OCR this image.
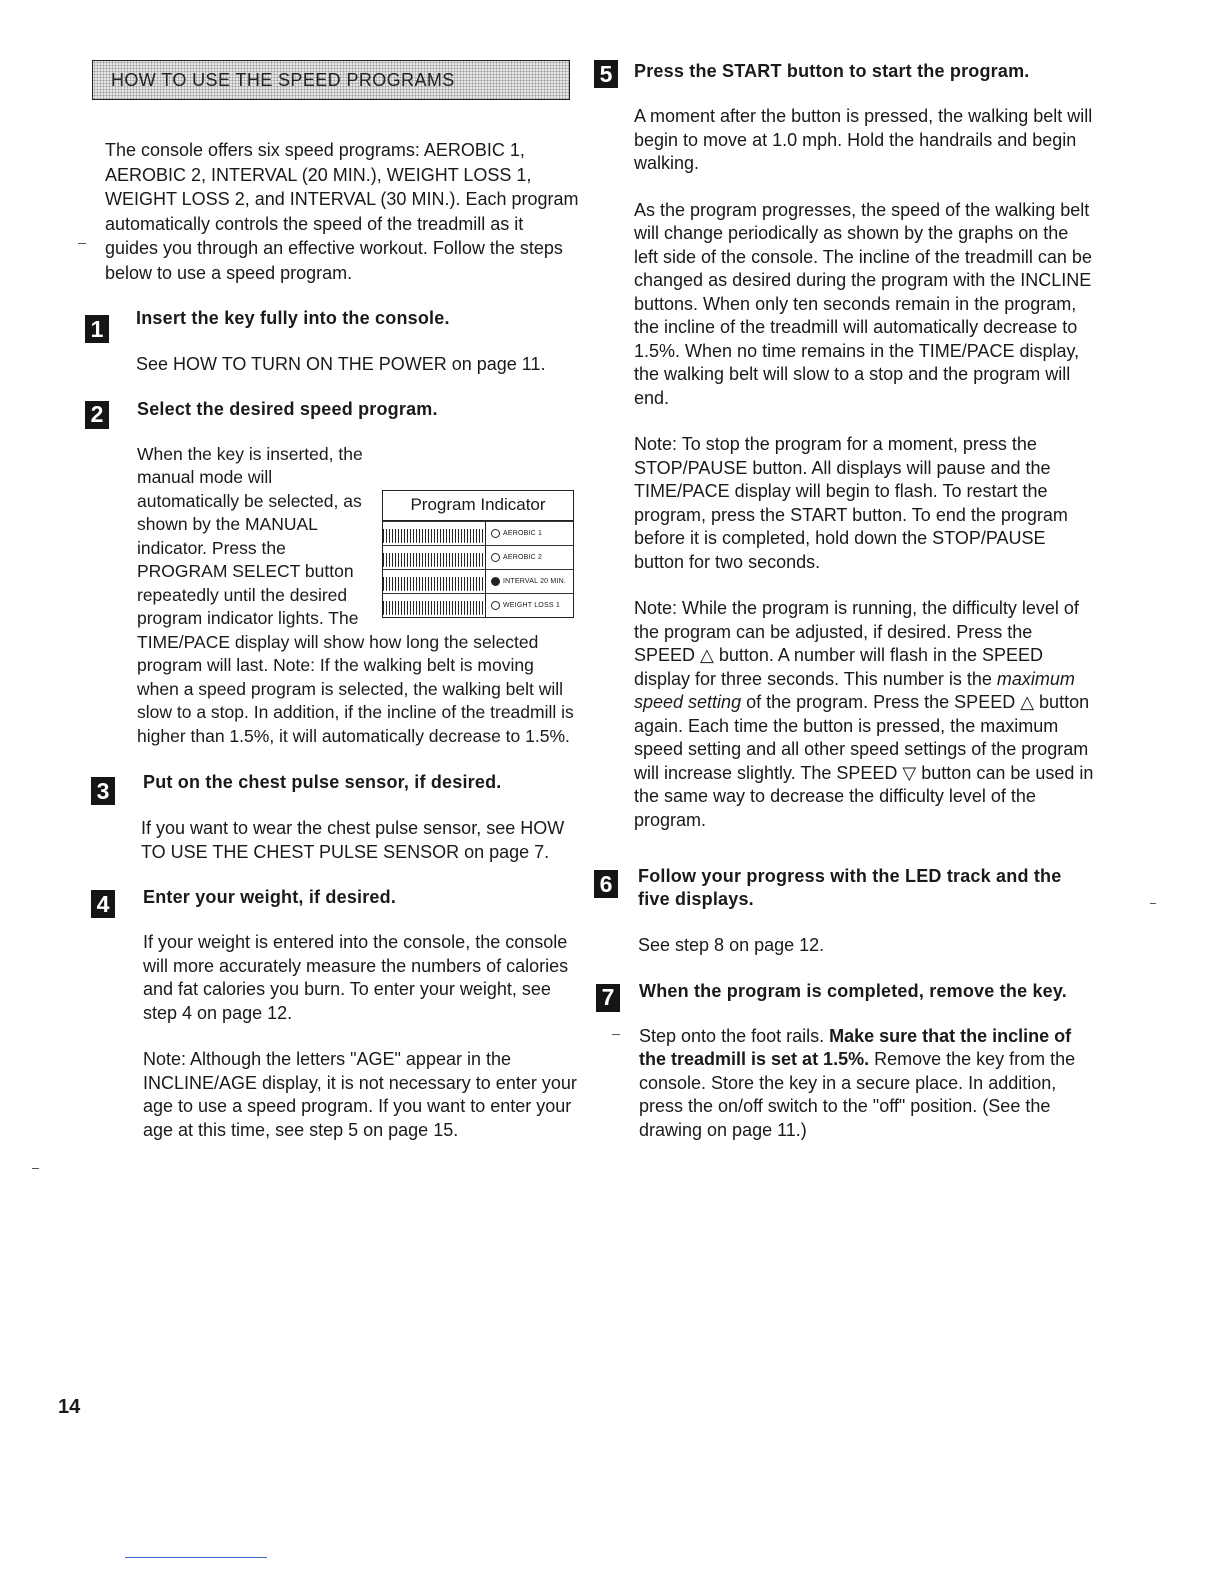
HOW TO USE THE SPEED PROGRAMS

The console offers six speed programs: AEROBIC 1, AEROBIC 2, INTERVAL (20 MIN.), WEIGHT LOSS 1, WEIGHT LOSS 2, and INTERVAL (30 MIN.). Each program automatically controls the speed of the treadmill as it guides you through an effective workout. Follow the steps below to use a speed program.

1	Insert the key fully into the console.

See HOW TO TURN ON THE POWER on page 11.

2	Select the desired speed program.

Program Indicator
AEROBIC 1
AEROBIC 2
INTERVAL 20 MIN.
WEIGHT LOSS 1
When the key is inserted, the manual mode will automatically be selected, as shown by the MANUAL indicator. Press the PROGRAM SELECT button repeatedly until the desired program indicator lights. The TIME/PACE display will show how long the selected program will last. Note: If the walking belt is moving when a speed program is selected, the walking belt will slow to a stop. In addition, if the incline of the treadmill is higher than 1.5%, it will automatically decrease to 1.5%.

3	Put on the chest pulse sensor, if desired.

If you want to wear the chest pulse sensor, see HOW TO USE THE CHEST PULSE SENSOR on page 7.

4	Enter your weight, if desired.

If your weight is entered into the console, the console will more accurately measure the numbers of calories and fat calories you burn. To enter your weight, see step 4 on page 12.

Note: Although the letters "AGE" appear in the INCLINE/AGE display, it is not necessary to enter your age to use a speed program. If you want to enter your age at this time, see step 5 on page 15.

5	Press the START button to start the program.

A moment after the button is pressed, the walking belt will begin to move at 1.0 mph. Hold the handrails and begin walking.

As the program progresses, the speed of the walking belt will change periodically as shown by the graphs on the left side of the console. The incline of the treadmill can be changed as desired during the program with the INCLINE buttons. When only ten seconds remain in the program, the incline of the treadmill will automatically decrease to 1.5%. When no time remains in the TIME/PACE display, the walking belt will slow to a stop and the program will end.

Note: To stop the program for a moment, press the STOP/PAUSE button. All displays will pause and the TIME/PACE display will begin to flash. To restart the program, press the START button. To end the program before it is completed, hold down the STOP/PAUSE button for two seconds.

Note: While the program is running, the difficulty level of the program can be adjusted, if desired. Press the SPEED △ button. A number will flash in the SPEED display for three seconds. This number is the maximum speed setting of the program. Press the SPEED △ button again. Each time the button is pressed, the maximum speed setting and all other speed settings of the program will increase slightly. The SPEED ▽ button can be used in the same way to decrease the difficulty level of the program.

6	Follow your progress with the LED track and the five displays.

See step 8 on page 12.

7	When the program is completed, remove the key.

Step onto the foot rails. Make sure that the incline of the treadmill is set at 1.5%. Remove the key from the console. Store the key in a secure place. In addition, press the on/off switch to the "off" position. (See the drawing on page 11.)

14
